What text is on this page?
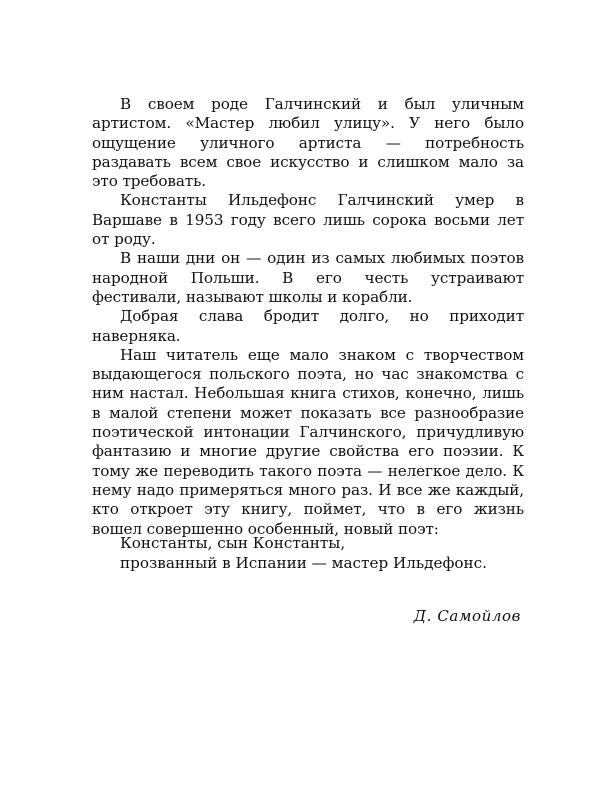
В своем роде Галчинский и был уличным артистом. «Мастер любил улицу». У него было ощущение уличного артиста — потребность раздавать всем свое искусство и слишком мало за это требовать.

Константы Ильдефонс Галчинский умер в Варшаве в 1953 году всего лишь сорока восьми лет от роду.

В наши дни он — один из самых любимых поэтов народной Польши. В его честь устраивают фестивали, называют школы и корабли.

Добрая слава бродит долго, но приходит наверняка.

Наш читатель еще мало знаком с творчеством выдающегося польского поэта, но час знакомства с ним настал. Небольшая книга стихов, конечно, лишь в малой степени может показать все разнообразие поэтической интонации Галчинского, причудливую фантазию и многие другие свойства его поэзии. К тому же переводить такого поэта — нелегкое дело. К нему надо примеряться много раз. И все же каждый, кто откроет эту книгу, поймет, что в его жизнь вошел совершенно особенный, новый поэт:

Константы, сын Константы,
прозванный в Испании — мастер Ильдефонс.
Д. Самойлов
